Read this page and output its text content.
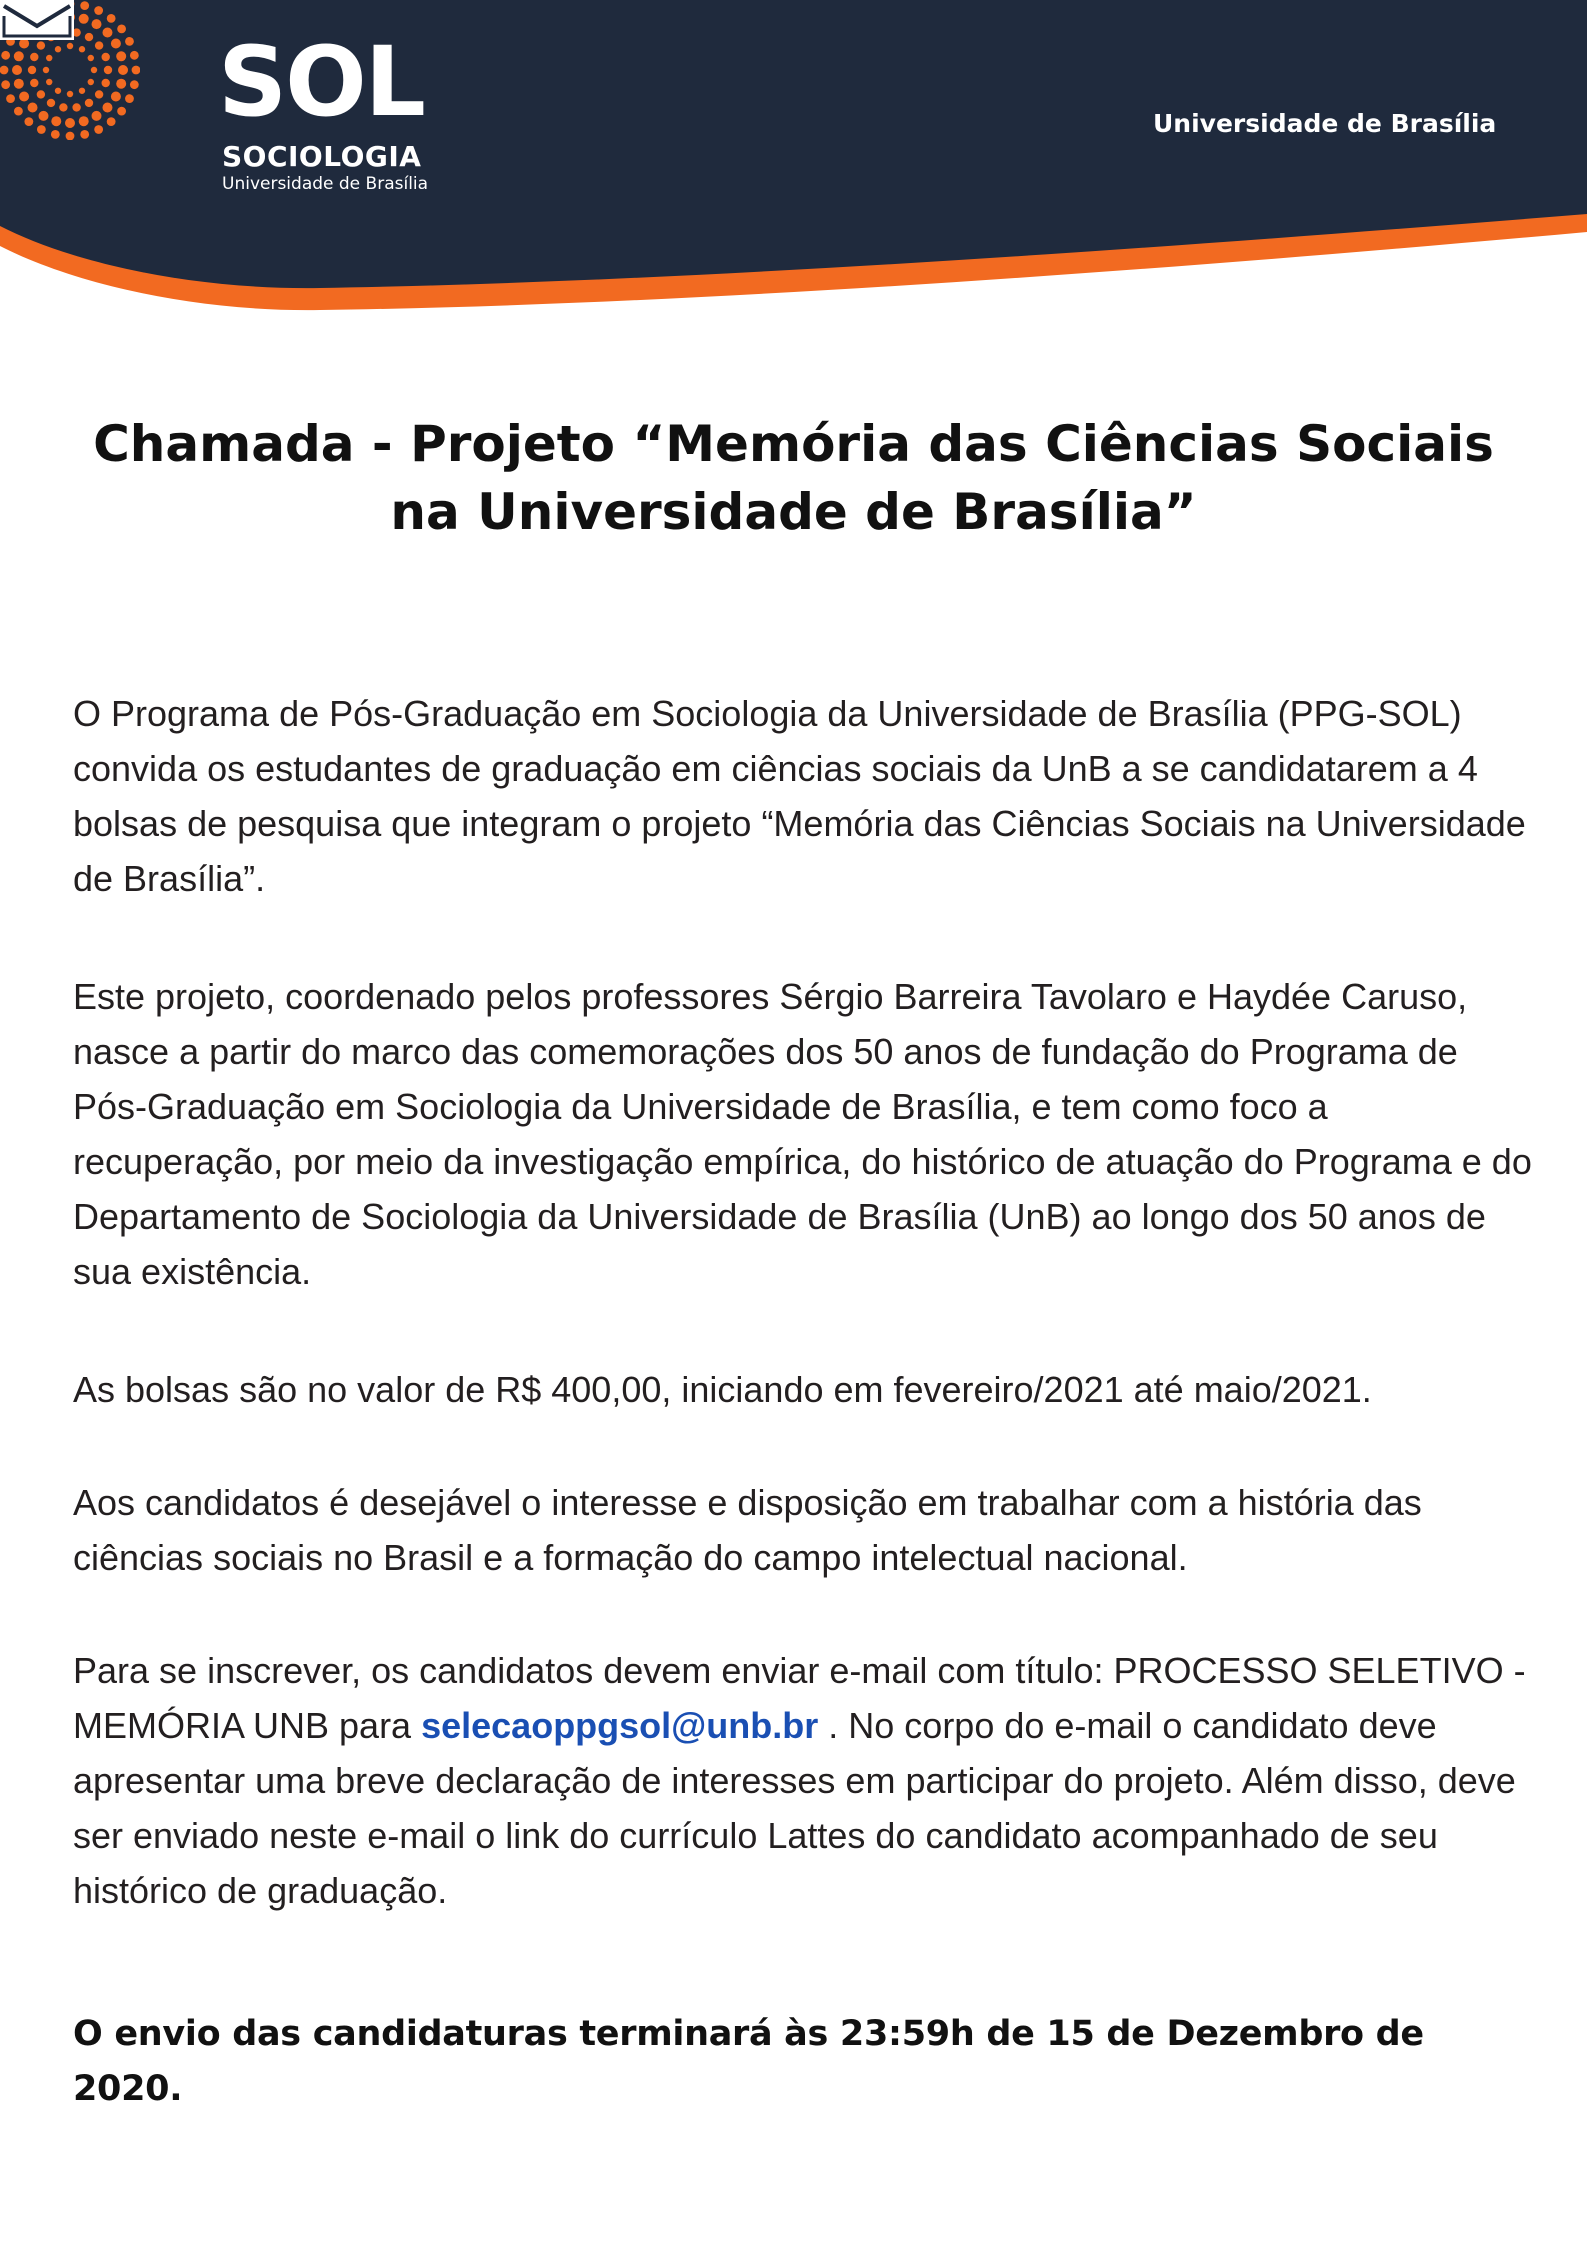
SOL
SOCIOLOGIA
Universidade de Brasília
Universidade de Brasília
Chamada - Projeto “Memória das Ciências Sociais
na Universidade de Brasília”

O Programa de Pós-Graduação em Sociologia da Universidade de Brasília (PPG-SOL) convida os estudantes de graduação em ciências sociais da UnB a se candidatarem a 4 bolsas de pesquisa que integram o projeto “Memória das Ciências Sociais na Universidade de Brasília”.

Este projeto, coordenado pelos professores Sérgio Barreira Tavolaro e Haydée Caruso, nasce a partir do marco das comemorações dos 50 anos de fundação do Programa de Pós-Graduação em Sociologia da Universidade de Brasília, e tem como foco a recuperação, por meio da investigação empírica, do histórico de atuação do Programa e do Departamento de Sociologia da Universidade de Brasília (UnB) ao longo dos 50 anos de sua existência.

As bolsas são no valor de R$ 400,00, iniciando em fevereiro/2021 até maio/2021.

Aos candidatos é desejável o interesse e disposição em trabalhar com a história das ciências sociais no Brasil e a formação do campo intelectual nacional.

Para se inscrever, os candidatos devem enviar e-mail com título: PROCESSO SELETIVO - MEMÓRIA UNB para selecaoppgsol@unb.br . No corpo do e-mail o candidato deve apresentar uma breve declaração de interesses em participar do projeto. Além disso, deve ser enviado neste e-mail o link do currículo Lattes do candidato acompanhado de seu histórico de graduação.

O envio das candidaturas terminará às 23:59h de 15 de Dezembro de 2020.
